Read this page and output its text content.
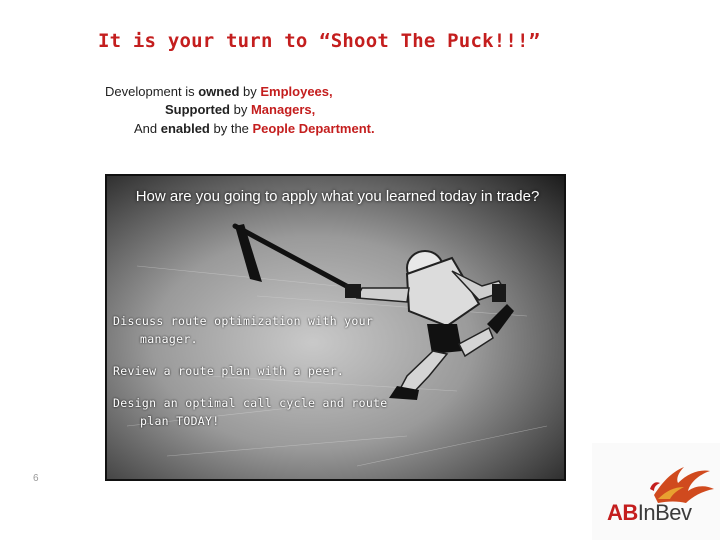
It is your turn to “Shoot The Puck!!!”
Development is owned by Employees,
Supported by Managers,
And enabled by the People Department.
How are you going to apply what you learned today in trade?
Discuss route optimization with your
manager.
Review a route plan with a peer.
Design an optimal call cycle and route
plan TODAY!
6
ABInBev
